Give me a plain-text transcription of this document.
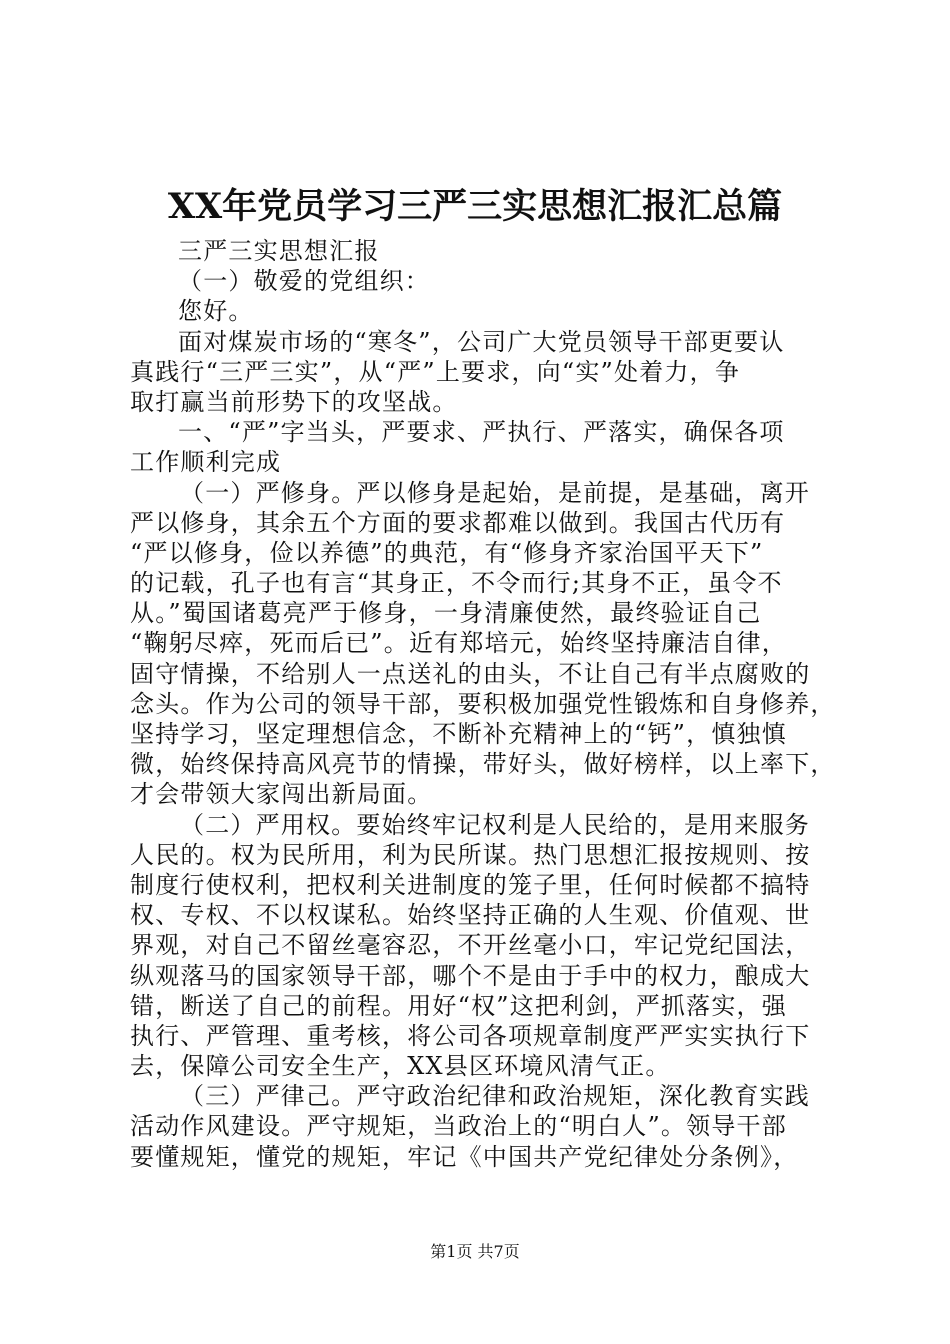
XX年党员学习三严三实思想汇报汇总篇

三严三实思想汇报

（一）敬爱的党组织：

您好。

面对煤炭市场的“寒冬”，公司广大党员领导干部更要认

真践行“三严三实”，从“严”上要求，向“实”处着力，争

取打赢当前形势下的攻坚战。

一、“严”字当头，严要求、严执行、严落实，确保各项

工作顺利完成

（一）严修身。严以修身是起始，是前提，是基础，离开

严以修身，其余五个方面的要求都难以做到。我国古代历有

“严以修身，俭以养德”的典范，有“修身齐家治国平天下”

的记载，孔子也有言“其身正，不令而行;其身不正，虽令不

从。”蜀国诸葛亮严于修身，一身清廉使然，最终验证自己

“鞠躬尽瘁，死而后已”。近有郑培元，始终坚持廉洁自律，

固守情操，不给别人一点送礼的由头，不让自己有半点腐败的

念头。作为公司的领导干部，要积极加强党性锻炼和自身修养，

坚持学习，坚定理想信念，不断补充精神上的“钙”，慎独慎

微，始终保持高风亮节的情操，带好头，做好榜样，以上率下，

才会带领大家闯出新局面。

（二）严用权。要始终牢记权利是人民给的，是用来服务

人民的。权为民所用，利为民所谋。热门思想汇报按规则、按

制度行使权利，把权利关进制度的笼子里，任何时候都不搞特

权、专权、不以权谋私。始终坚持正确的人生观、价值观、世

界观，对自己不留丝毫容忍，不开丝毫小口，牢记党纪国法，

纵观落马的国家领导干部，哪个不是由于手中的权力，酿成大

错，断送了自己的前程。用好“权”这把利剑，严抓落实，强

执行、严管理、重考核，将公司各项规章制度严严实实执行下

去，保障公司安全生产，XX县区环境风清气正。

（三）严律己。严守政治纪律和政治规矩，深化教育实践

活动作风建设。严守规矩，当政治上的“明白人”。领导干部

要懂规矩，懂党的规矩，牢记《中国共产党纪律处分条例》，

第1页 共7页
